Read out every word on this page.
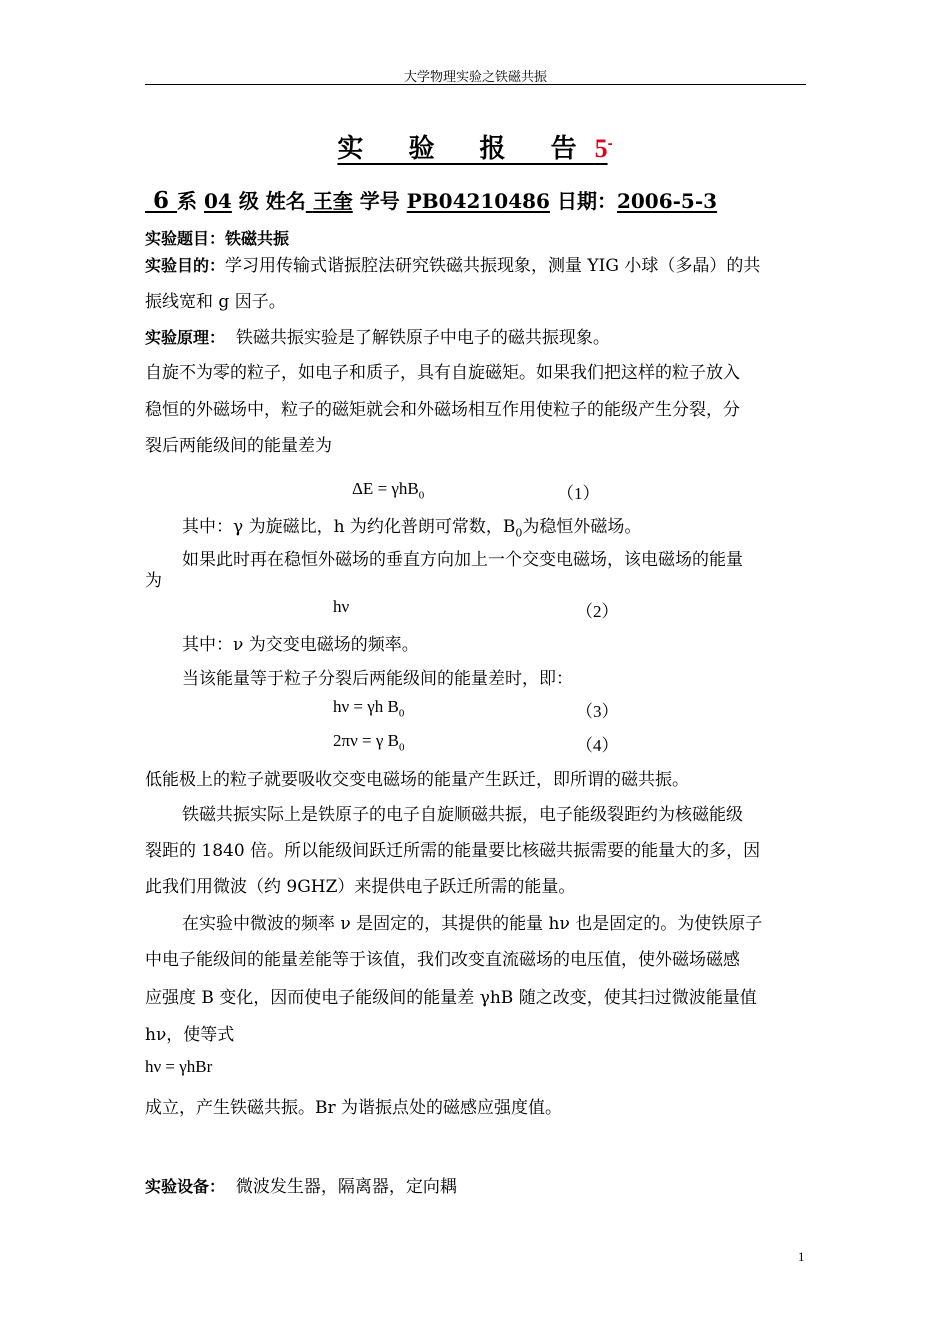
大学物理实验之铁磁共振
实 验 报 告5-
6 系 04 级 姓名 王奎 学号 PB04210486 日期：2006-5-3
实验题目：铁磁共振
实验目的：学习用传输式谐振腔法研究铁磁共振现象，测量 YIG 小球（多晶）的共
振线宽和 g 因子。
实验原理： 铁磁共振实验是了解铁原子中电子的磁共振现象。
自旋不为零的粒子，如电子和质子，具有自旋磁矩。如果我们把这样的粒子放入
稳恒的外磁场中，粒子的磁矩就会和外磁场相互作用使粒子的能级产生分裂，分
裂后两能级间的能量差为
ΔE = γhB$_0$	（1）
其中：γ 为旋磁比，h 为约化普朗可常数，$B_0$为稳恒外磁场。
如果此时再在稳恒外磁场的垂直方向加上一个交变电磁场，该电磁场的能量
为
hν	（2）
其中：ν 为交变电磁场的频率。
当该能量等于粒子分裂后两能级间的能量差时，即：
hν = γh $B_0$	（3）
2πν = γ $B_0$	（4）
低能极上的粒子就要吸收交变电磁场的能量产生跃迁，即所谓的磁共振。
铁磁共振实际上是铁原子的电子自旋顺磁共振，电子能级裂距约为核磁能级
裂距的 1840 倍。所以能级间跃迁所需的能量要比核磁共振需要的能量大的多，因
此我们用微波（约 9GHZ）来提供电子跃迁所需的能量。
在实验中微波的频率 ν 是固定的，其提供的能量 hν 也是固定的。为使铁原子
中电子能级间的能量差能等于该值，我们改变直流磁场的电压值，使外磁场磁感
应强度 B 变化，因而使电子能级间的能量差 γhB 随之改变，使其扫过微波能量值
hν，使等式
hν = γhBr
成立，产生铁磁共振。Br 为谐振点处的磁感应强度值。
实验设备： 微波发生器，隔离器，定向耦
1
